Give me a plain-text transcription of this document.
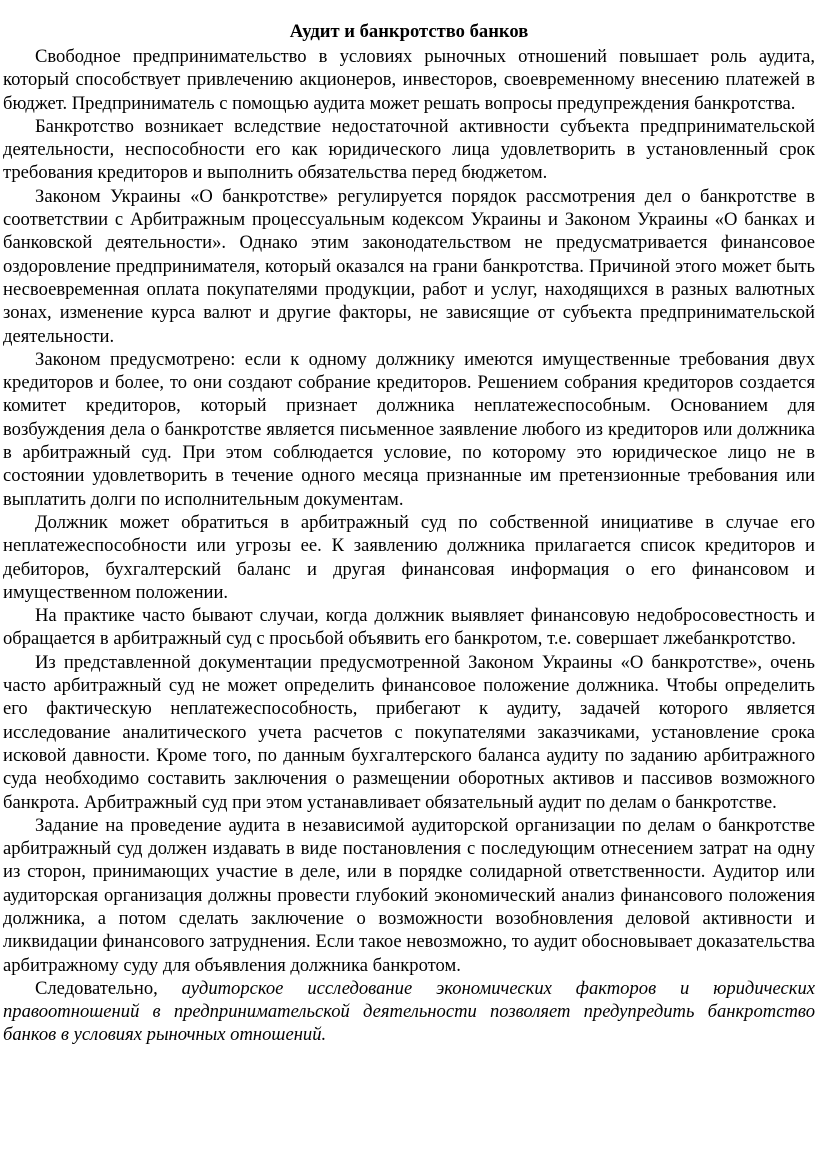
Аудит и банкротство банков

Свободное предпринимательство в условиях рыночных отношений повышает роль аудита, который способствует привлечению акционеров, инвесторов, своевременному внесению платежей в бюджет. Предприниматель с помощью аудита может решать вопросы предупреждения банкротства.

Банкротство возникает вследствие недостаточной активности субъекта предпринимательской деятельности, неспособности его как юридического лица удовлетворить в установленный срок требования кредиторов и выполнить обязательства перед бюджетом.

Законом Украины «О банкротстве» регулируется порядок рассмотрения дел о банкротстве в соответствии с Арбитражным процессуальным кодексом Украины и Законом Украины «О банках и банковской деятельности». Однако этим законодательством не предусматривается финансовое оздоровление предпринимателя, который оказался на грани банкротства. Причиной этого может быть несвоевременная оплата покупателями продукции, работ и услуг, находящихся в разных валютных зонах, изменение курса валют и другие факторы, не зависящие от субъекта предпринимательской деятельности.

Законом предусмотрено: если к одному должнику имеются имущественные требования двух кредиторов и более, то они создают собрание кредиторов. Решением собрания кредиторов создается комитет кредиторов, который признает должника неплатежеспособным. Основанием для возбуждения дела о банкротстве является письменное заявление любого из кредиторов или должника в арбитражный суд. При этом соблюдается условие, по которому это юридическое лицо не в состоянии удовлетворить в течение одного месяца признанные им претензионные требования или выплатить долги по исполнительным документам.

Должник может обратиться в арбитражный суд по собственной инициативе в случае его неплатежеспособности или угрозы ее. К заявлению должника прилагается список кредиторов и дебиторов, бухгалтерский баланс и другая финансовая информация о его финансовом и имущественном положении.

На практике часто бывают случаи, когда должник выявляет финансовую недобросовестность и обращается в арбитражный суд с просьбой объявить его банкротом, т.е. совершает лжебанкротство.

Из представленной документации предусмотренной Законом Украины «О банкротстве», очень часто арбитражный суд не может определить финансовое положение должника. Чтобы определить его фактическую неплатежеспособность, прибегают к аудиту, задачей которого является исследование аналитического учета расчетов с покупателями заказчиками, установление срока исковой давности. Кроме того, по данным бухгалтерского баланса аудиту по заданию арбитражного суда необходимо составить заключения о размещении оборотных активов и пассивов возможного банкрота. Арбитражный суд при этом устанавливает обязательный аудит по делам о банкротстве.

Задание на проведение аудита в независимой аудиторской организации по делам о банкротстве арбитражный суд должен издавать в виде постановления с последующим отнесением затрат на одну из сторон, принимающих участие в деле, или в порядке солидарной ответственности. Аудитор или аудиторская организация должны провести глубокий экономический анализ финансового положения должника, а потом сделать заключение о возможности возобновления деловой активности и ликвидации финансового затруднения. Если такое невозможно, то аудит обосновывает доказательства арбитражному суду для объявления должника банкротом.

Следовательно, аудиторское исследование экономических факторов и юридических правоотношений в предпринимательской деятельности позволяет предупредить банкротство банков в условиях рыночных отношений.
